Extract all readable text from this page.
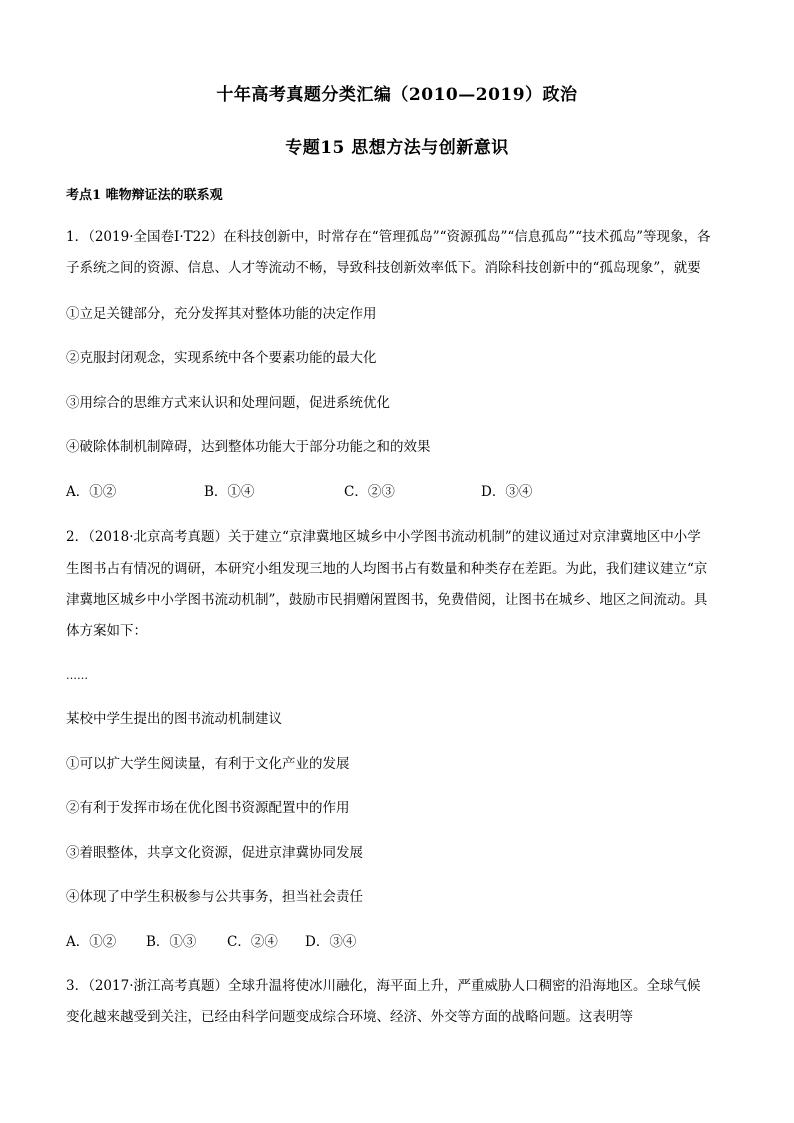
十年高考真题分类汇编（2010—2019）政治
专题15 思想方法与创新意识
考点1 唯物辩证法的联系观
1．（2019·全国卷Ⅰ·T22）在科技创新中，时常存在“管理孤岛”“资源孤岛”“信息孤岛”“技术孤岛”等现象，各
子系统之间的资源、信息、人才等流动不畅，导致科技创新效率低下。消除科技创新中的“孤岛现象”，就要
①立足关键部分，充分发挥其对整体功能的决定作用
②克服封闭观念，实现系统中各个要素功能的最大化
③用综合的思维方式来认识和处理问题，促进系统优化
④破除体制机制障碍，达到整体功能大于部分功能之和的效果
A．①②	B．①④	C．②③	D．③④
2．（2018·北京高考真题）关于建立“京津冀地区城乡中小学图书流动机制”的建议通过对京津冀地区中小学
生图书占有情况的调研，本研究小组发现三地的人均图书占有数量和种类存在差距。为此，我们建议建立“京
津冀地区城乡中小学图书流动机制”，鼓励市民捐赠闲置图书，免费借阅，让图书在城乡、地区之间流动。具
体方案如下：
……
某校中学生提出的图书流动机制建议
①可以扩大学生阅读量，有利于文化产业的发展
②有利于发挥市场在优化图书资源配置中的作用
③着眼整体，共享文化资源，促进京津冀协同发展
④体现了中学生积极参与公共事务，担当社会责任
A．①② B．①③ C．②④ D．③④
3．（2017·浙江高考真题）全球升温将使冰川融化，海平面上升，严重威胁人口稠密的沿海地区。全球气候
变化越来越受到关注，已经由科学问题变成综合环境、经济、外交等方面的战略问题。这表明等
